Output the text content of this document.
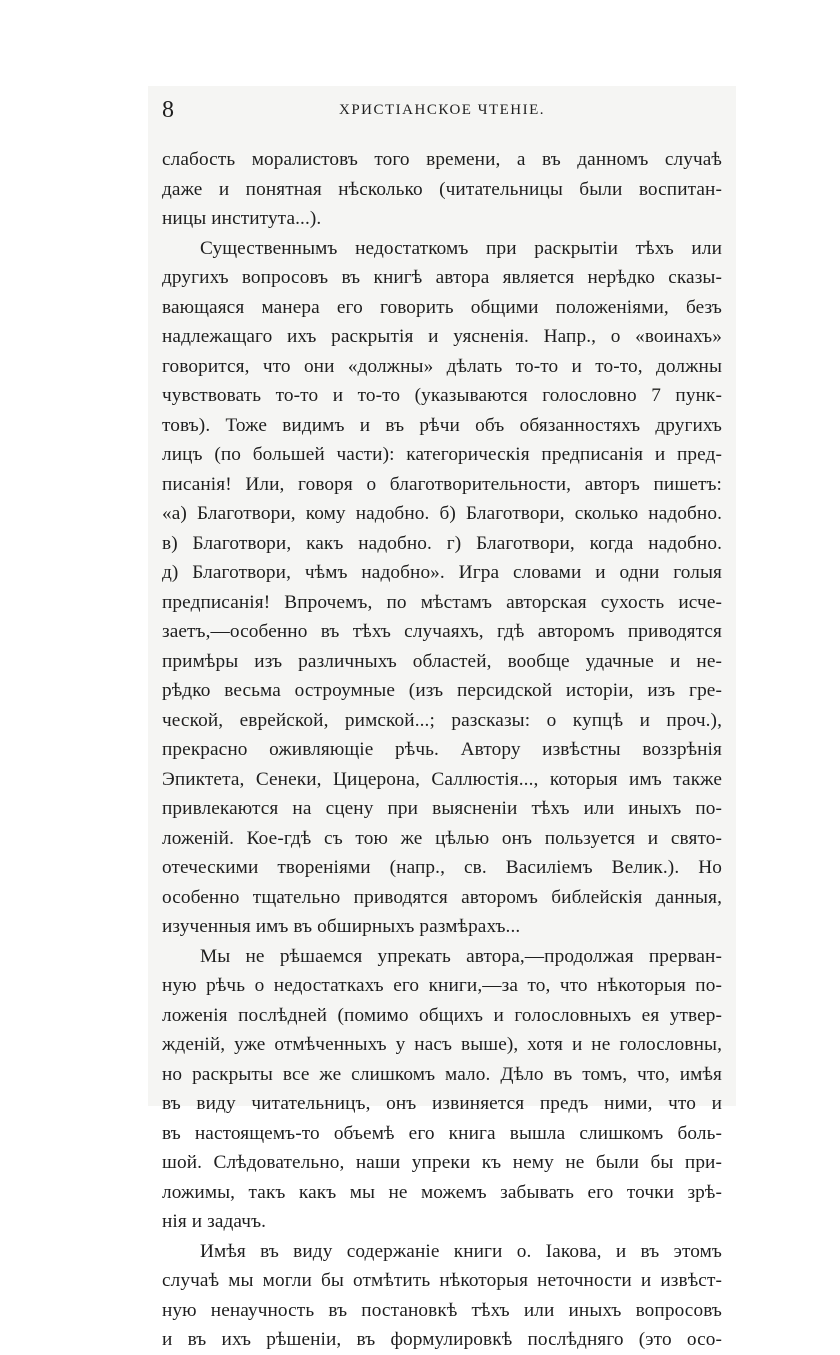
8	ХРИСТІАНСКОЕ ЧТЕНІЕ.
слабость моралистовъ того времени, а въ данномъ случаѣ
даже и понятная нѣсколько (читательницы были воспитан-
ницы института...).
Существеннымъ недостаткомъ при раскрытіи тѣхъ или
другихъ вопросовъ въ книгѣ автора является нерѣдко сказы-
вающаяся манера его говорить общими положеніями, безъ
надлежащаго ихъ раскрытія и уясненія. Напр., о «воинахъ»
говорится, что они «должны» дѣлать то-то и то-то, должны
чувствовать то-то и то-то (указываются голословно 7 пунк-
товъ). Тоже видимъ и въ рѣчи объ обязанностяхъ другихъ
лицъ (по большей части): категорическія предписанія и пред-
писанія! Или, говоря о благотворительности, авторъ пишетъ:
«а) Благотвори, кому надобно. б) Благотвори, сколько надобно.
в) Благотвори, какъ надобно. г) Благотвори, когда надобно.
д) Благотвори, чѣмъ надобно». Игра словами и одни голыя
предписанія! Впрочемъ, по мѣстамъ авторская сухость исче-
заетъ,—особенно въ тѣхъ случаяхъ, гдѣ авторомъ приводятся
примѣры изъ различныхъ областей, вообще удачные и не-
рѣдко весьма остроумные (изъ персидской исторіи, изъ гре-
ческой, еврейской, римской...; разсказы: о купцѣ и проч.),
прекрасно оживляющіе рѣчь. Автору извѣстны воззрѣнія
Эпиктета, Сенеки, Цицерона, Саллюстія..., которыя имъ также
привлекаются на сцену при выясненіи тѣхъ или иныхъ по-
ложеній. Кое-гдѣ съ тою же цѣлью онъ пользуется и свято-
отеческими твореніями (напр., св. Василіемъ Велик.). Но
особенно тщательно приводятся авторомъ библейскія данныя,
изученныя имъ въ обширныхъ размѣрахъ...
Мы не рѣшаемся упрекать автора,—продолжая прерван-
ную рѣчь о недостаткахъ его книги,—за то, что нѣкоторыя по-
ложенія послѣдней (помимо общихъ и голословныхъ ея утвер-
жденій, уже отмѣченныхъ у насъ выше), хотя и не голословны,
но раскрыты все же слишкомъ мало. Дѣло въ томъ, что, имѣя
въ виду читательницъ, онъ извиняется предъ ними, что и
въ настоящемъ-то объемѣ его книга вышла слишкомъ боль-
шой. Слѣдовательно, наши упреки къ нему не были бы при-
ложимы, такъ какъ мы не можемъ забывать его точки зрѣ-
нія и задачъ.
Имѣя въ виду содержаніе книги о. Іакова, и въ этомъ
случаѣ мы могли бы отмѣтить нѣкоторыя неточности и извѣст-
ную ненаучность въ постановкѣ тѣхъ или иныхъ вопросовъ
и въ ихъ рѣшеніи, въ формулировкѣ послѣдняго (это осо-
